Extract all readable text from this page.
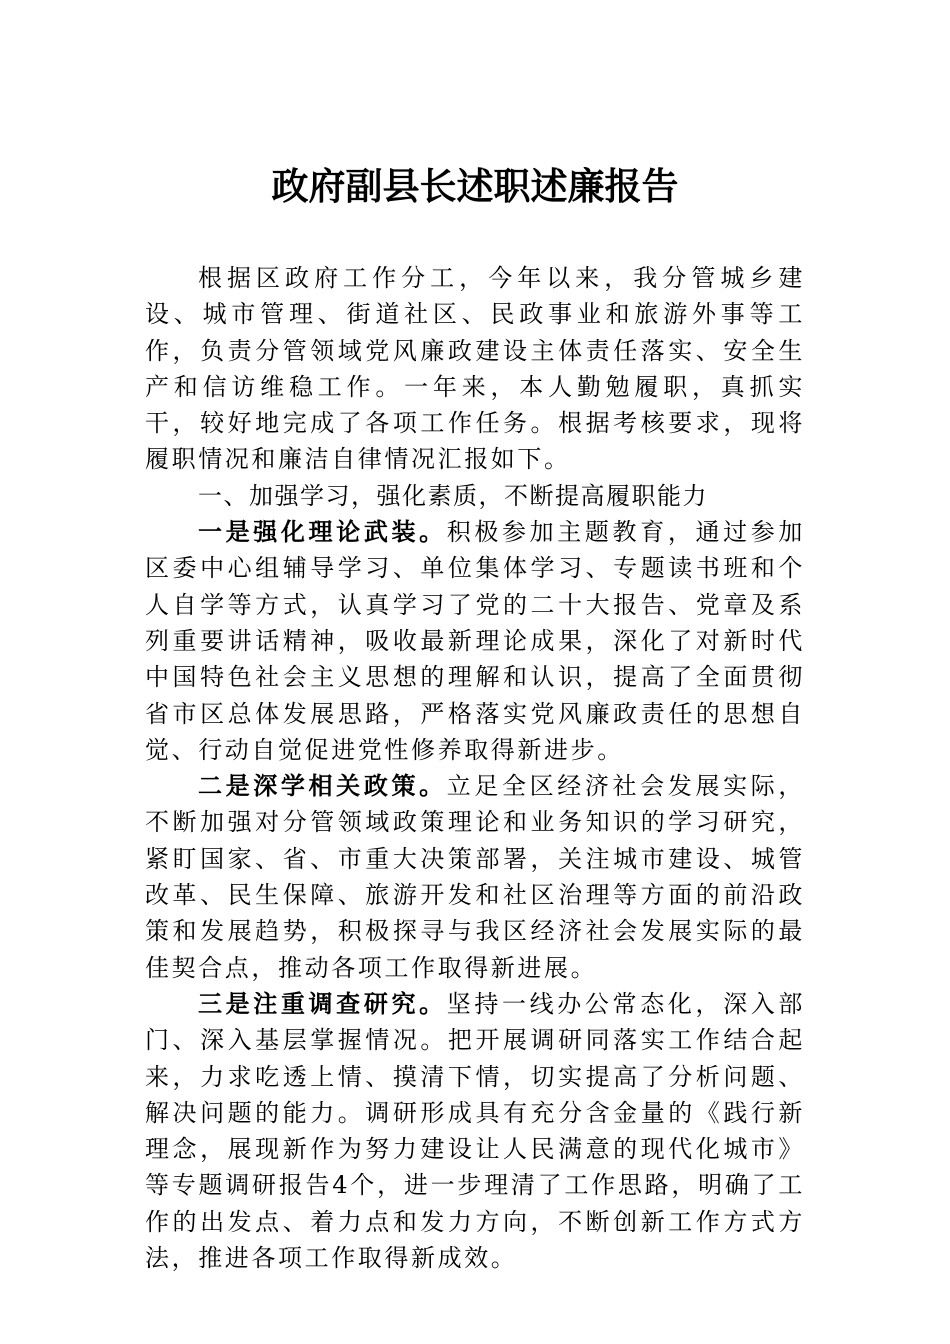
政府副县长述职述廉报告

根据区政府工作分工，今年以来，我分管城乡建设、城市管理、街道社区、民政事业和旅游外事等工作，负责分管领域党风廉政建设主体责任落实、安全生产和信访维稳工作。一年来，本人勤勉履职，真抓实干，较好地完成了各项工作任务。根据考核要求，现将履职情况和廉洁自律情况汇报如下。

一、加强学习，强化素质，不断提高履职能力

一是强化理论武装。积极参加主题教育，通过参加区委中心组辅导学习、单位集体学习、专题读书班和个人自学等方式，认真学习了党的二十大报告、党章及系列重要讲话精神，吸收最新理论成果，深化了对新时代中国特色社会主义思想的理解和认识，提高了全面贯彻省市区总体发展思路，严格落实党风廉政责任的思想自觉、行动自觉促进党性修养取得新进步。

二是深学相关政策。立足全区经济社会发展实际，不断加强对分管领域政策理论和业务知识的学习研究，紧盯国家、省、市重大决策部署，关注城市建设、城管改革、民生保障、旅游开发和社区治理等方面的前沿政策和发展趋势，积极探寻与我区经济社会发展实际的最佳契合点，推动各项工作取得新进展。

三是注重调查研究。坚持一线办公常态化，深入部门、深入基层掌握情况。把开展调研同落实工作结合起来，力求吃透上情、摸清下情，切实提高了分析问题、解决问题的能力。调研形成具有充分含金量的《践行新理念，展现新作为努力建设让人民满意的现代化城市》等专题调研报告4个，进一步理清了工作思路，明确了工作的出发点、着力点和发力方向，不断创新工作方式方法，推进各项工作取得新成效。
